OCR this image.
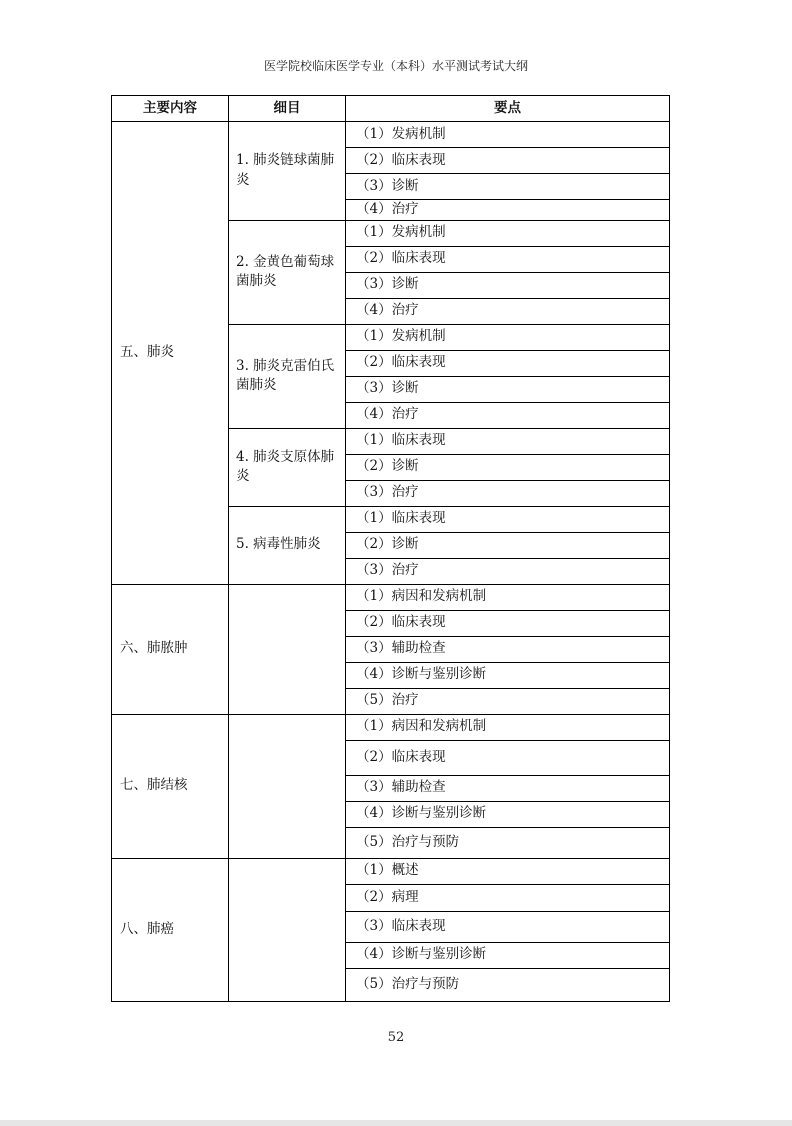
医学院校临床医学专业（本科）水平测试考试大纲
主要内容	细目	要点
五、肺炎	1. 肺炎链球菌肺炎	（1）发病机制
		（2）临床表现
		（3）诊断
		（4）治疗
	2. 金黄色葡萄球菌肺炎	（1）发病机制
		（2）临床表现
		（3）诊断
		（4）治疗
	3. 肺炎克雷伯氏菌肺炎	（1）发病机制
		（2）临床表现
		（3）诊断
		（4）治疗
	4. 肺炎支原体肺炎	（1）临床表现
		（2）诊断
		（3）治疗
	5. 病毒性肺炎	（1）临床表现
		（2）诊断
		（3）治疗
六、肺脓肿		（1）病因和发病机制
		（2）临床表现
		（3）辅助检查
		（4）诊断与鉴别诊断
		（5）治疗
七、肺结核		（1）病因和发病机制
		（2）临床表现
		（3）辅助检查
		（4）诊断与鉴别诊断
		（5）治疗与预防
八、肺癌		（1）概述
		（2）病理
		（3）临床表现
		（4）诊断与鉴别诊断
		（5）治疗与预防
52
